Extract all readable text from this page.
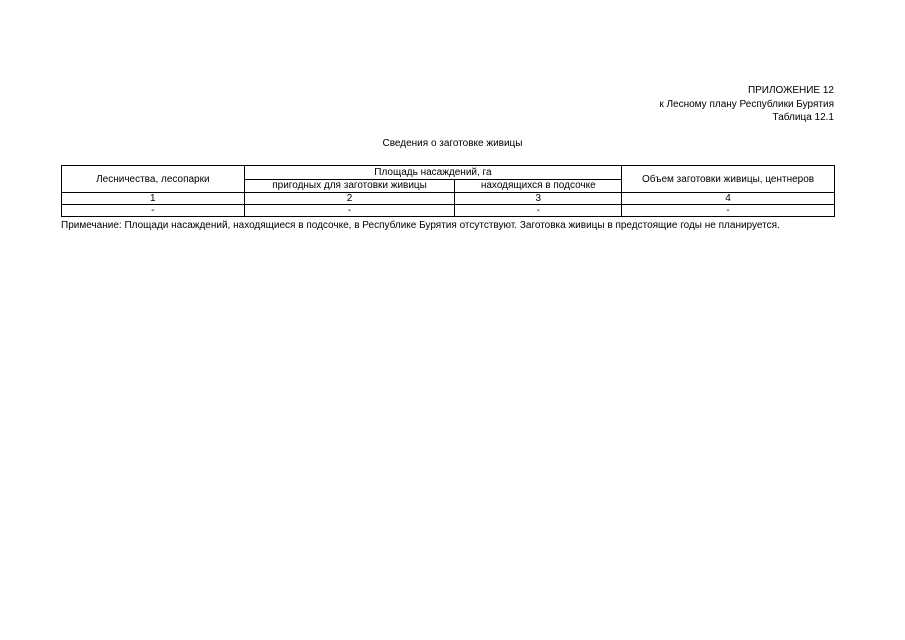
ПРИЛОЖЕНИЕ 12
к Лесному плану Республики Бурятия
Таблица 12.1
Сведения о заготовке живицы
Лесничества, лесопарки	Площадь насаждений, га		Объем заготовки живицы, центнеров
	пригодных для заготовки живицы	находящихся в подсочке	
1	2	3	4
-	-	-	-
Примечание: Площади насаждений, находящиеся в подсочке, в Республике Бурятия отсутствуют. Заготовка живицы в предстоящие годы не планируется.
